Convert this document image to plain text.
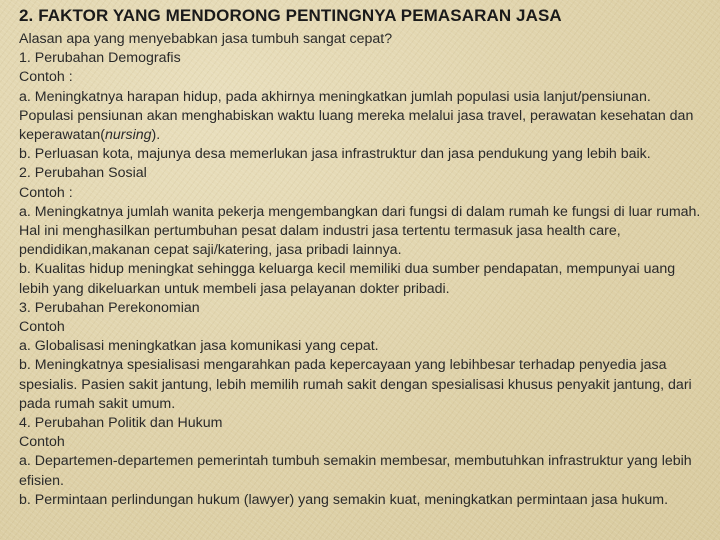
2. FAKTOR YANG MENDORONG PENTINGNYA PEMASARAN JASA

Alasan apa yang menyebabkan jasa tumbuh sangat cepat?

1. Perubahan Demografis

Contoh :

a. Meningkatnya harapan hidup, pada akhirnya meningkatkan jumlah populasi usia lanjut/pensiunan. Populasi pensiunan akan menghabiskan waktu luang mereka melalui jasa travel, perawatan kesehatan dan keperawatan(nursing).

b. Perluasan kota, majunya desa memerlukan jasa infrastruktur dan jasa pendukung yang lebih baik.

2. Perubahan Sosial

Contoh :

a. Meningkatnya jumlah wanita pekerja mengembangkan dari fungsi di dalam rumah ke fungsi di luar rumah. Hal ini menghasilkan pertumbuhan pesat dalam industri jasa tertentu termasuk jasa health care, pendidikan,makanan cepat saji/katering, jasa pribadi lainnya.

b. Kualitas hidup meningkat sehingga keluarga kecil memiliki dua sumber pendapatan, mempunyai uang lebih yang dikeluarkan untuk membeli jasa pelayanan dokter pribadi.

3. Perubahan Perekonomian

Contoh

a. Globalisasi meningkatkan jasa komunikasi yang cepat.

b. Meningkatnya spesialisasi mengarahkan pada kepercayaan yang lebihbesar terhadap penyedia jasa spesialis. Pasien sakit jantung, lebih memilih rumah sakit dengan spesialisasi khusus penyakit jantung, dari pada rumah sakit umum.

4. Perubahan Politik dan Hukum

Contoh

a. Departemen-departemen pemerintah tumbuh semakin membesar, membutuhkan infrastruktur yang lebih efisien.

b. Permintaan perlindungan hukum (lawyer) yang semakin kuat, meningkatkan permintaan jasa hukum.
